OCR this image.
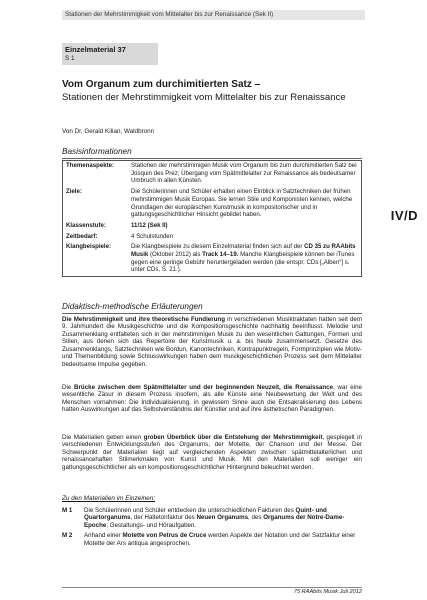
Stationen der Mehrstimmigkeit vom Mittelalter bis zur Renaissance (Sek II)
Einzelmaterial 37
S 1
IV/D
Vom Organum zum durchimitierten Satz –
Stationen der Mehrstimmigkeit vom Mittelalter bis zur Renaissance
Von Dr. Gerald Kilian, Waldbronn
Basisinformationen
Themenaspekte:	Stationen der mehrstimmigen Musik vom Organum bis zum durchimitierten Satz bei Josquin des Prez; Übergang vom Spätmittelalter zur Renaissance als bedeutsamer Umbruch in allen Künsten.
Ziele:	Die Schülerinnen und Schüler erhalten einen Einblick in Satztechniken der frühen mehrstimmigen Musik Europas. Sie lernen Stile und Komponisten kennen, welche Grundlagen der europäischen Kunstmusik in kompositorischer und in gattungsgeschichtlicher Hinsicht gebildet haben.
Klassenstufe:	11/12 (Sek II)
Zeitbedarf:	4 Schulstunden
Klangbeispiele:	Die Klangbeispiele zu diesem Einzelmaterial finden sich auf der CD 35 zu RAAbits Musik (Oktober 2012) als Track 14–19. Manche Klangbeispiele können bei iTunes gegen eine geringe Gebühr heruntergeladen werden (die entspr. CDs [„Alben“] s. unter CDs, S. 21.).
Didaktisch-methodische Erläuterungen
Die Mehrstimmigkeit und ihre theoretische Fundierung in verschiedenen Musiktraktaten hatten seit dem 9. Jahrhundert die Musikgeschichte und die Kompositionsgeschichte nachhaltig beeinflusst. Melodie und Zusammenklang entfalteten sich in der mehrstimmigen Musik zu den wesentlichen Gattungen, Formen und Stilen, aus denen sich das Repertoire der Kunstmusik u. a. bis heute zusammensetzt. Gesetze des Zusammenklangs, Satztechniken wie Bordun, Kanontechniken, Kontrapunktregeln, Formprinzipien wie Motiv- und Themenbildung sowie Schlusswirkungen haben dem musikgeschichtlichen Prozess seit dem Mittelalter bedeutsame Impulse gegeben.
Die Brücke zwischen dem Spätmittelalter und der beginnenden Neuzeit, die Renaissance, war eine wesentliche Zäsur in diesem Prozess insofern, als alle Künste eine Neubewertung der Welt und des Menschen vornahmen: Die Individualisierung, in gewissem Sinne auch die Entsakralisierung des Lebens hatten Auswirkungen auf das Selbstverständnis der Künstler und auf ihre ästhetischen Paradigmen.
Die Materialien geben einen groben Überblick über die Entstehung der Mehrstimmigkeit, gespiegelt in verschiedenen Entwicklungsstufen des Organums, der Motette, der Chanson und der Messe. Der Schwerpunkt der Materialien liegt auf vergleichenden Aspekten zwischen spätmittelalterlichen und renaissancehaften Stilmerkmalen von Kunst und Musik. Mit den Materialien soll weniger ein gattungsgeschichtlicher als ein kompositionsgeschichtlicher Hintergrund beleuchtet werden.
Zu den Materialien im Einzelnen:
M 1	Die Schülerinnen und Schüler entdecken die unterschiedlichen Fakturen des Quint- und Quartorganums, der Haltetonfaktur des Neuen Organums, des Organums der Notre-Dame-Epoche; Gestaltungs- und Höraufgaben.
M 2	Anhand einer Motette von Petrus de Cruce werden Aspekte der Notation und der Satzfaktur einer Motette der Ars antiqua angesprochen.
75 RAAbits Musik Juli 2012
